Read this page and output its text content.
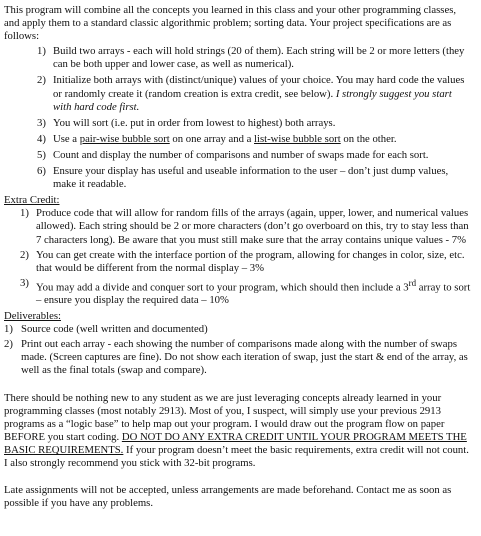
This program will combine all the concepts you learned in this class and your other programming classes, and apply them to a standard classic algorithmic problem; sorting data. Your project specifications are as follows:

1) Build two arrays - each will hold strings (20 of them). Each string will be 2 or more letters (they can be both upper and lower case, as well as numerical).
2) Initialize both arrays with (distinct/unique) values of your choice. You may hard code the values or randomly create it (random creation is extra credit, see below). I strongly suggest you start with hard code first.
3) You will sort (i.e. put in order from lowest to highest) both arrays.
4) Use a pair-wise bubble sort on one array and a list-wise bubble sort on the other.
5) Count and display the number of comparisons and number of swaps made for each sort.
6) Ensure your display has useful and useable information to the user – don’t just dump values, make it readable.

Extra Credit:

1) Produce code that will allow for random fills of the arrays (again, upper, lower, and numerical values allowed). Each string should be 2 or more characters (don’t go overboard on this, try to stay less than 7 characters long). Be aware that you must still make sure that the array contains unique values - 7%
2) You can get create with the interface portion of the program, allowing for changes in color, size, etc. that would be different from the normal display – 3%
3) You may add a divide and conquer sort to your program, which should then include a 3rd array to sort – ensure you display the required data – 10%

Deliverables:

1) Source code (well written and documented)
2) Print out each array - each showing the number of comparisons made along with the number of swaps made. (Screen captures are fine). Do not show each iteration of swap, just the start & end of the array, as well as the final totals (swap and compare).

There should be nothing new to any student as we are just leveraging concepts already learned in your programming classes (most notably 2913). Most of you, I suspect, will simply use your previous 2913 programs as a “logic base” to help map out your program. I would draw out the program flow on paper BEFORE you start coding. DO NOT DO ANY EXTRA CREDIT UNTIL YOUR PROGRAM MEETS THE BASIC REQUIREMENTS. If your program doesn’t meet the basic requirements, extra credit will not count. I also strongly recommend you stick with 32-bit programs.

Late assignments will not be accepted, unless arrangements are made beforehand. Contact me as soon as possible if you have any problems.
